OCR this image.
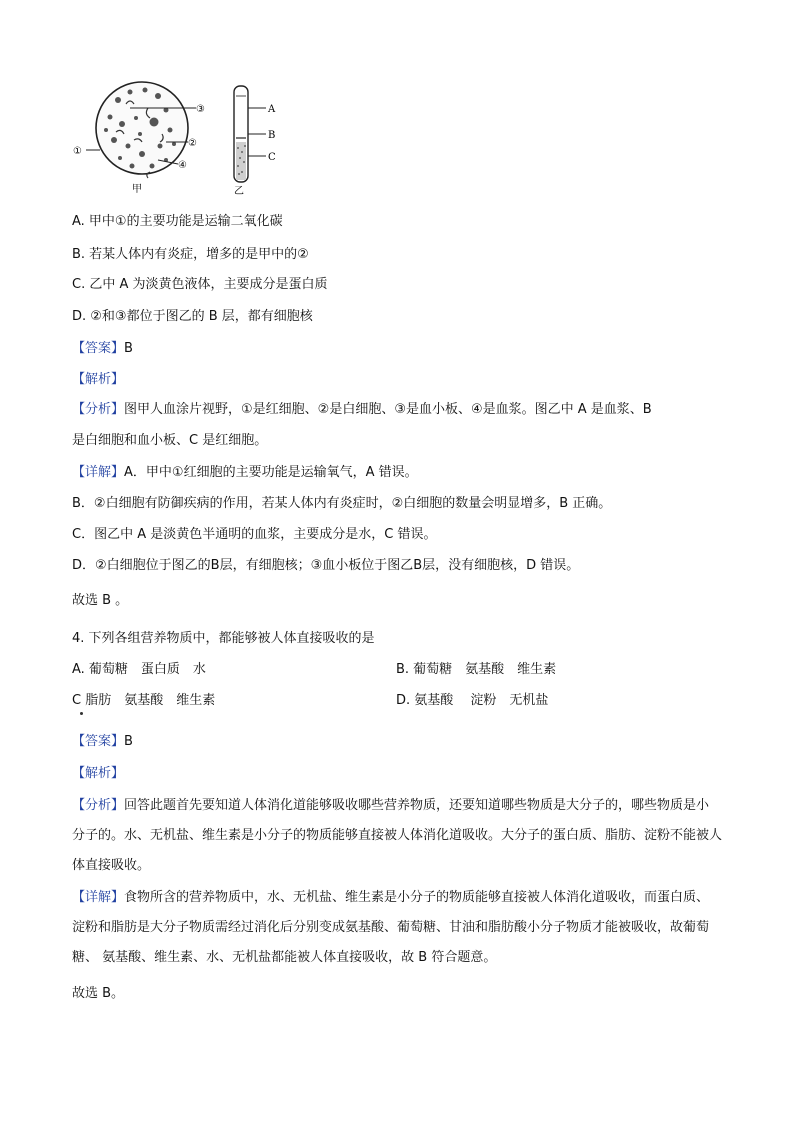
①
②
③
④
甲
A
B
C
乙
A. 甲中①的主要功能是运输二氧化碳
B. 若某人体内有炎症，增多的是甲中的②
C. 乙中 A 为淡黄色液体，主要成分是蛋白质
D. ②和③都位于图乙的 B 层，都有细胞核
【答案】B
【解析】
【分析】图甲人血涂片视野，①是红细胞、②是白细胞、③是血小板、④是血浆。图乙中 A 是血浆、B
是白细胞和血小板、C 是红细胞。
【详解】A．甲中①红细胞的主要功能是运输氧气，A 错误。
B．②白细胞有防御疾病的作用，若某人体内有炎症时，②白细胞的数量会明显增多，B 正确。
C．图乙中 A 是淡黄色半通明的血浆，主要成分是水，C 错误。
D．②白细胞位于图乙的B层，有细胞核；③血小板位于图乙B层，没有细胞核，D 错误。
故选 B 。
4. 下列各组营养物质中，都能够被人体直接吸收的是
A. 葡萄糖　蛋白质　水	B. 葡萄糖　氨基酸　维生素
C 脂肪　氨基酸　维生素	D. 氨基酸　 淀粉　无机盐
【答案】B
【解析】
【分析】回答此题首先要知道人体消化道能够吸收哪些营养物质，还要知道哪些物质是大分子的，哪些物质是小分子的。水、无机盐、维生素是小分子的物质能够直接被人体消化道吸收。大分子的蛋白质、脂肪、淀粉不能被人体直接吸收。
【详解】食物所含的营养物质中，水、无机盐、维生素是小分子的物质能够直接被人体消化道吸收，而蛋白质、淀粉和脂肪是大分子物质需经过消化后分别变成氨基酸、葡萄糖、甘油和脂肪酸小分子物质才能被吸收，故葡萄糖、 氨基酸、维生素、水、无机盐都能被人体直接吸收，故 B 符合题意。
故选 B。
